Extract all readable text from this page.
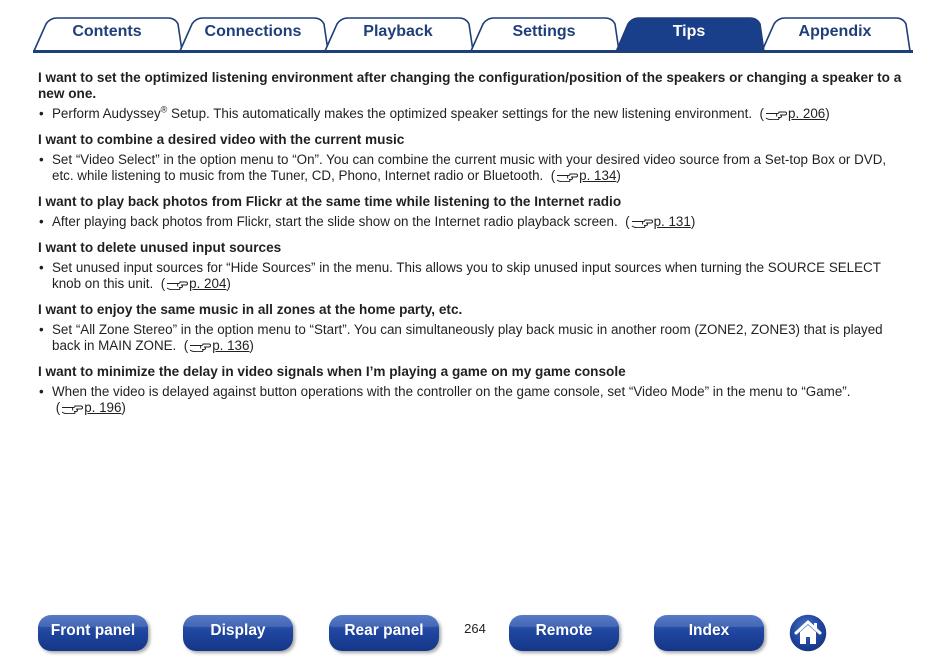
Contents	Connections	Playback	Settings	Tips	Appendix

I want to set the optimized listening environment after changing the configuration/position of the speakers or changing a speaker to a new one.

• Perform Audyssey® Setup. This automatically makes the optimized speaker settings for the new listening environment.  ( p. 206)

I want to combine a desired video with the current music

• Set “Video Select” in the option menu to “On”. You can combine the current music with your desired video source from a Set-top Box or DVD, etc. while listening to music from the Tuner, CD, Phono, Internet radio or Bluetooth.  ( p. 134)

I want to play back photos from Flickr at the same time while listening to the Internet radio

• After playing back photos from Flickr, start the slide show on the Internet radio playback screen.  ( p. 131)

I want to delete unused input sources

• Set unused input sources for “Hide Sources” in the menu. This allows you to skip unused input sources when turning the SOURCE SELECT knob on this unit.  ( p. 204)

I want to enjoy the same music in all zones at the home party, etc.

• Set “All Zone Stereo” in the option menu to “Start”. You can simultaneously play back music in another room (ZONE2, ZONE3) that is played back in MAIN ZONE.  ( p. 136)

I want to minimize the delay in video signals when I’m playing a game on my game console

• When the video is delayed against button operations with the controller on the game console, set “Video Mode” in the menu to “Game”.  ( p. 196)
Front panel	Display	Rear panel	264	Remote	Index
